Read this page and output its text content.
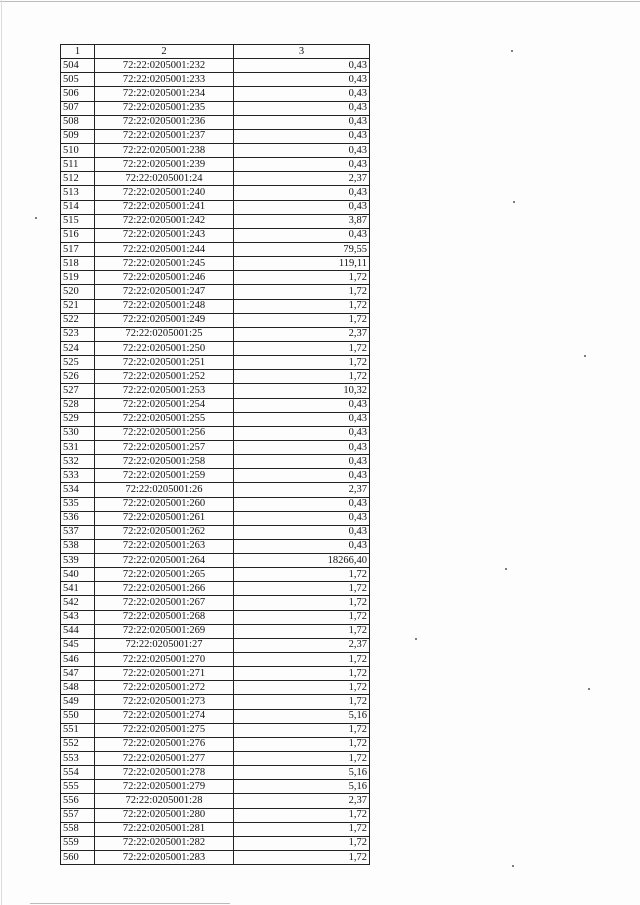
1	2	3
504	72:22:0205001:232	0,43
505	72:22:0205001:233	0,43
506	72:22:0205001:234	0,43
507	72:22:0205001:235	0,43
508	72:22:0205001:236	0,43
509	72:22:0205001:237	0,43
510	72:22:0205001:238	0,43
511	72:22:0205001:239	0,43
512	72:22:0205001:24	2,37
513	72:22:0205001:240	0,43
514	72:22:0205001:241	0,43
515	72:22:0205001:242	3,87
516	72:22:0205001:243	0,43
517	72:22:0205001:244	79,55
518	72:22:0205001:245	119,11
519	72:22:0205001:246	1,72
520	72:22:0205001:247	1,72
521	72:22:0205001:248	1,72
522	72:22:0205001:249	1,72
523	72:22:0205001:25	2,37
524	72:22:0205001:250	1,72
525	72:22:0205001:251	1,72
526	72:22:0205001:252	1,72
527	72:22:0205001:253	10,32
528	72:22:0205001:254	0,43
529	72:22:0205001:255	0,43
530	72:22:0205001:256	0,43
531	72:22:0205001:257	0,43
532	72:22:0205001:258	0,43
533	72:22:0205001:259	0,43
534	72:22:0205001:26	2,37
535	72:22:0205001:260	0,43
536	72:22:0205001:261	0,43
537	72:22:0205001:262	0,43
538	72:22:0205001:263	0,43
539	72:22:0205001:264	18266,40
540	72:22:0205001:265	1,72
541	72:22:0205001:266	1,72
542	72:22:0205001:267	1,72
543	72:22:0205001:268	1,72
544	72:22:0205001:269	1,72
545	72:22:0205001:27	2,37
546	72:22:0205001:270	1,72
547	72:22:0205001:271	1,72
548	72:22:0205001:272	1,72
549	72:22:0205001:273	1,72
550	72:22:0205001:274	5,16
551	72:22:0205001:275	1,72
552	72:22:0205001:276	1,72
553	72:22:0205001:277	1,72
554	72:22:0205001:278	5,16
555	72:22:0205001:279	5,16
556	72:22:0205001:28	2,37
557	72:22:0205001:280	1,72
558	72:22:0205001:281	1,72
559	72:22:0205001:282	1,72
560	72:22:0205001:283	1,72
